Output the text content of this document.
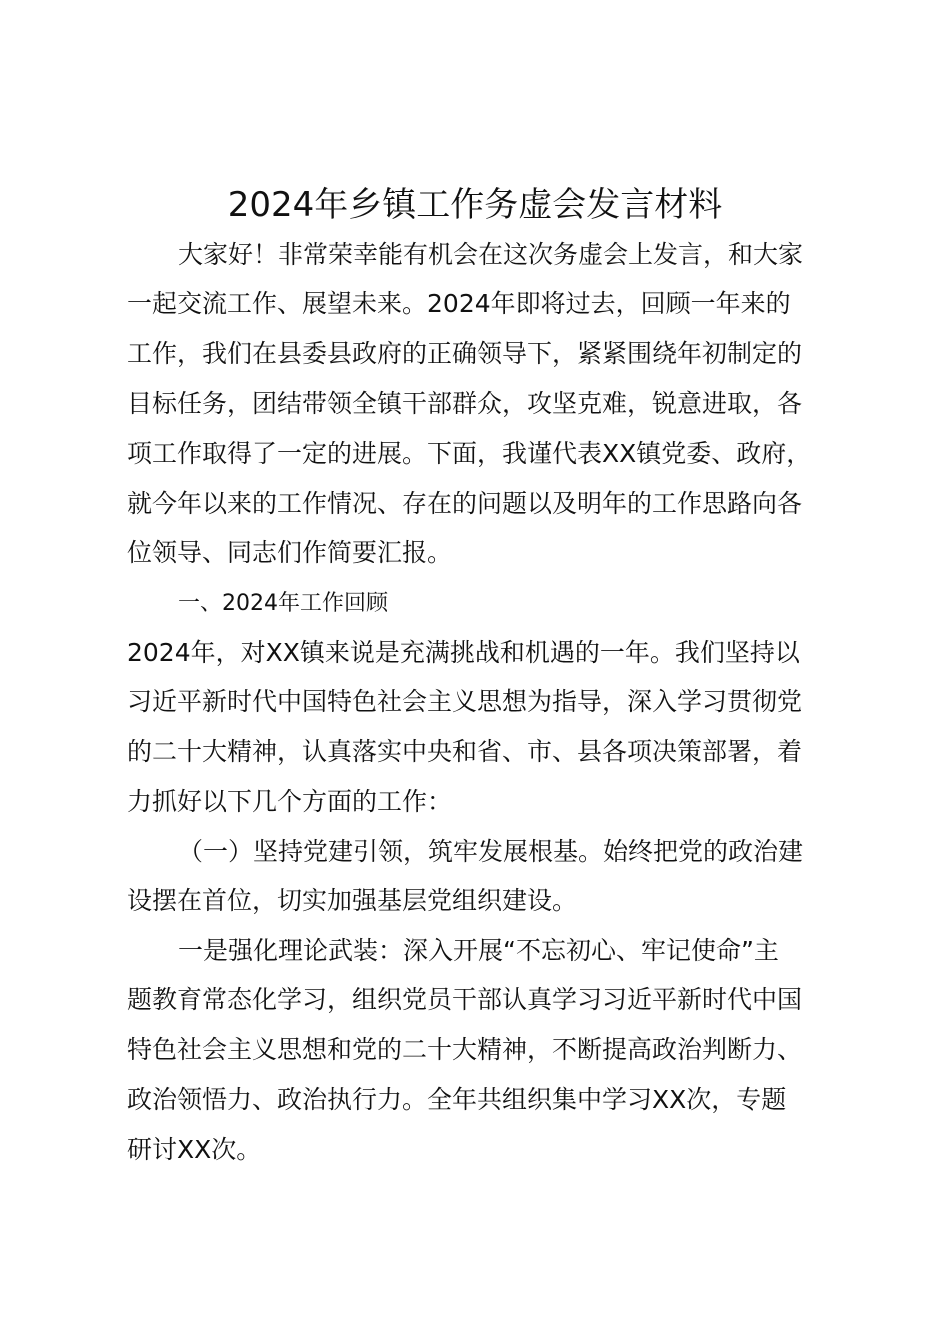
2024年乡镇工作务虚会发言材料
大家好！非常荣幸能有机会在这次务虚会上发言，和大家
一起交流工作、展望未来。2024年即将过去，回顾一年来的
工作，我们在县委县政府的正确领导下，紧紧围绕年初制定的
目标任务，团结带领全镇干部群众，攻坚克难，锐意进取，各
项工作取得了一定的进展。下面，我谨代表XX镇党委、政府，
就今年以来的工作情况、存在的问题以及明年的工作思路向各
位领导、同志们作简要汇报。
一、2024年工作回顾
2024年，对XX镇来说是充满挑战和机遇的一年。我们坚持以
习近平新时代中国特色社会主义思想为指导，深入学习贯彻党
的二十大精神，认真落实中央和省、市、县各项决策部署，着
力抓好以下几个方面的工作：
（一）坚持党建引领，筑牢发展根基。始终把党的政治建
设摆在首位，切实加强基层党组织建设。
一是强化理论武装：深入开展“不忘初心、牢记使命”主
题教育常态化学习，组织党员干部认真学习习近平新时代中国
特色社会主义思想和党的二十大精神，不断提高政治判断力、
政治领悟力、政治执行力。全年共组织集中学习XX次，专题
研讨XX次。
